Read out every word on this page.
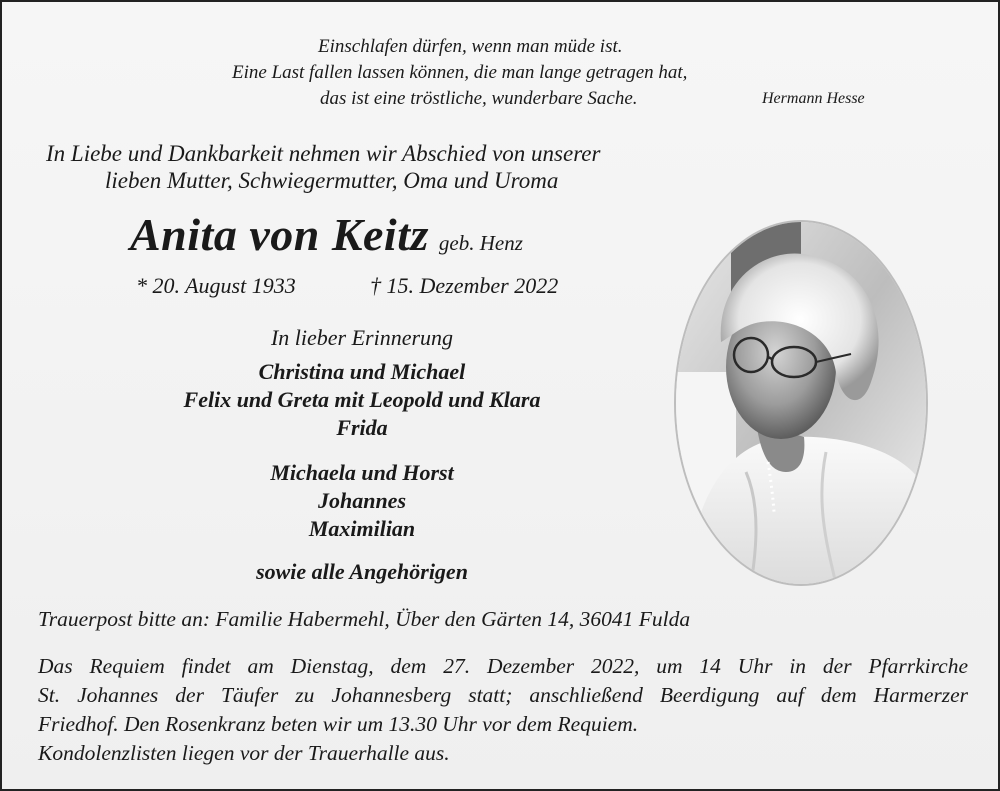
Einschlafen dürfen, wenn man müde ist.
Eine Last fallen lassen können, die man lange getragen hat,
das ist eine tröstliche, wunderbare Sache.	Hermann Hesse
In Liebe und Dankbarkeit nehmen wir Abschied von unserer
lieben Mutter, Schwiegermutter, Oma und Uroma
Anita von Keitz geb. Henz
* 20. August 1933	† 15. Dezember 2022
In lieber Erinnerung
Christina und Michael
Felix und Greta mit Leopold und Klara
Frida
Michaela und Horst
Johannes
Maximilian
sowie alle Angehörigen
Trauerpost bitte an: Familie Habermehl, Über den Gärten 14, 36041 Fulda
Das Requiem findet am Dienstag, dem 27. Dezember 2022, um 14 Uhr in der Pfarrkirche
St. Johannes der Täufer zu Johannesberg statt; anschließend Beerdigung auf dem Harmerzer
Friedhof. Den Rosenkranz beten wir um 13.30 Uhr vor dem Requiem.
Kondolenzlisten liegen vor der Trauerhalle aus.
